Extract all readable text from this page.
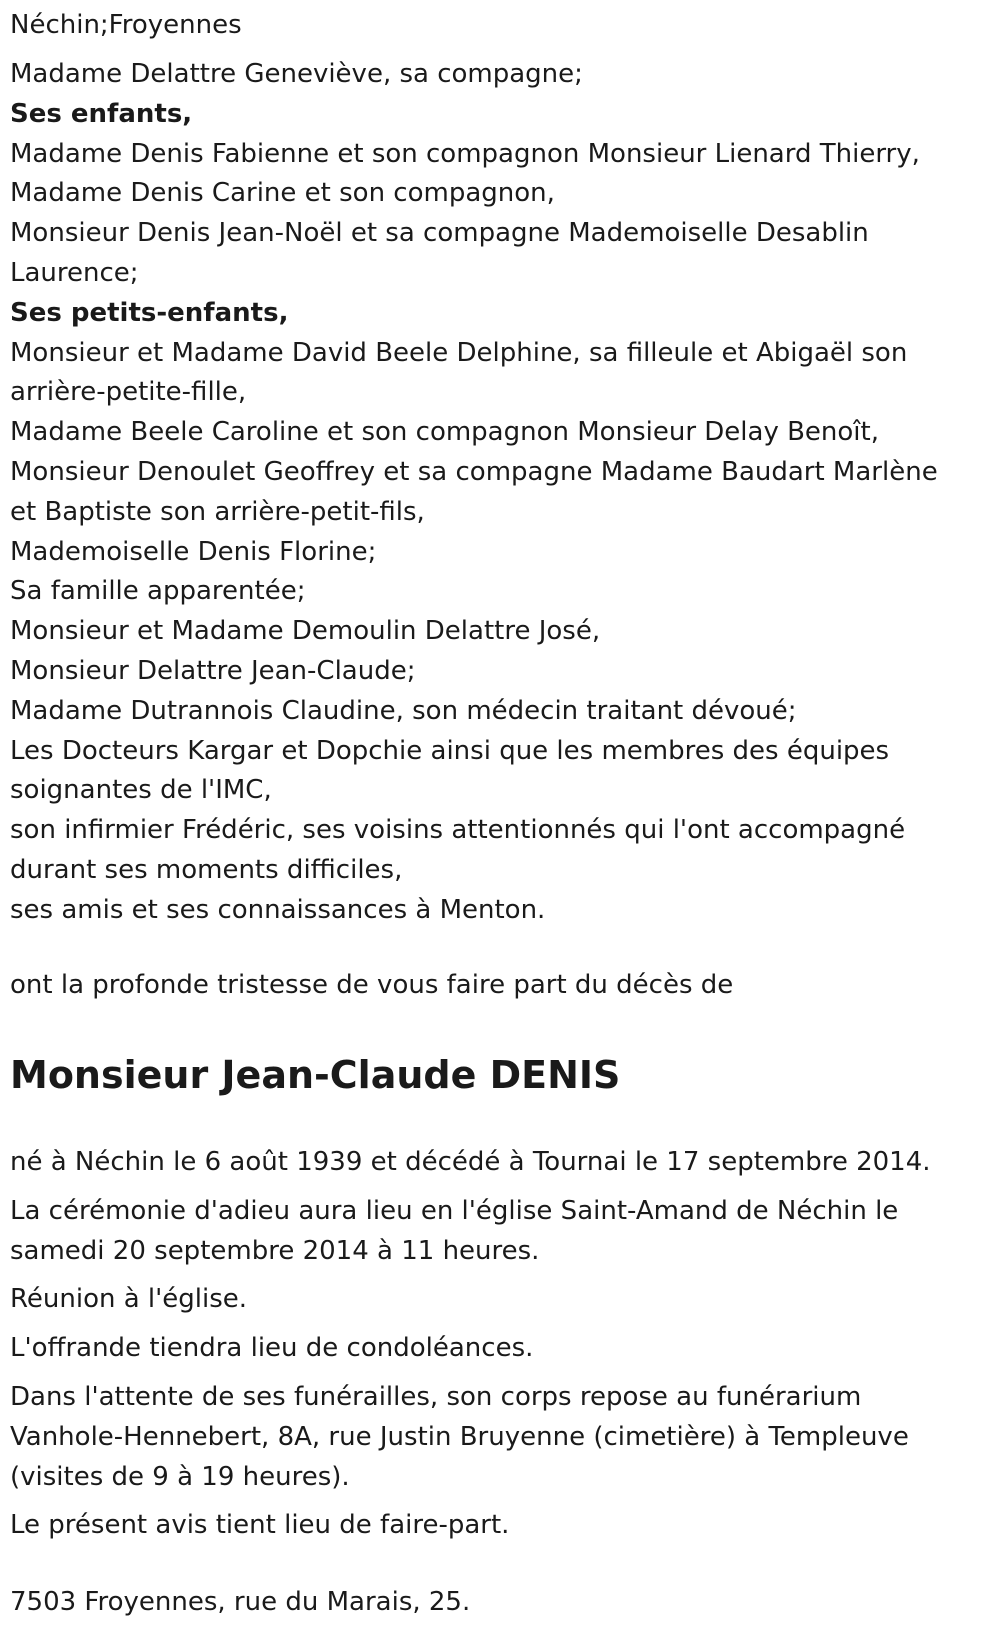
Néchin;Froyennes

Madame Delattre Geneviève, sa compagne;
Ses enfants,
Madame Denis Fabienne et son compagnon Monsieur Lienard Thierry,
Madame Denis Carine et son compagnon,
Monsieur Denis Jean-Noël et sa compagne Mademoiselle Desablin
Laurence;
Ses petits-enfants,
Monsieur et Madame David Beele Delphine, sa filleule et Abigaël son
arrière-petite-fille,
Madame Beele Caroline et son compagnon Monsieur Delay Benoît,
Monsieur Denoulet Geoffrey et sa compagne Madame Baudart Marlène
et Baptiste son arrière-petit-fils,
Mademoiselle Denis Florine;
Sa famille apparentée;
Monsieur et Madame Demoulin Delattre José,
Monsieur Delattre Jean-Claude;
Madame Dutrannois Claudine, son médecin traitant dévoué;
Les Docteurs Kargar et Dopchie ainsi que les membres des équipes
soignantes de l'IMC,
son infirmier Frédéric, ses voisins attentionnés qui l'ont accompagné
durant ses moments difficiles,
ses amis et ses connaissances à Menton.

ont la profonde tristesse de vous faire part du décès de

Monsieur Jean-Claude DENIS

né à Néchin le 6 août 1939 et décédé à Tournai le 17 septembre 2014.

La cérémonie d'adieu aura lieu en l'église Saint-Amand de Néchin le
samedi 20 septembre 2014 à 11 heures.

Réunion à l'église.

L'offrande tiendra lieu de condoléances.

Dans l'attente de ses funérailles, son corps repose au funérarium
Vanhole-Hennebert, 8A, rue Justin Bruyenne (cimetière) à Templeuve
(visites de 9 à 19 heures).

Le présent avis tient lieu de faire-part.

7503 Froyennes, rue du Marais, 25.
